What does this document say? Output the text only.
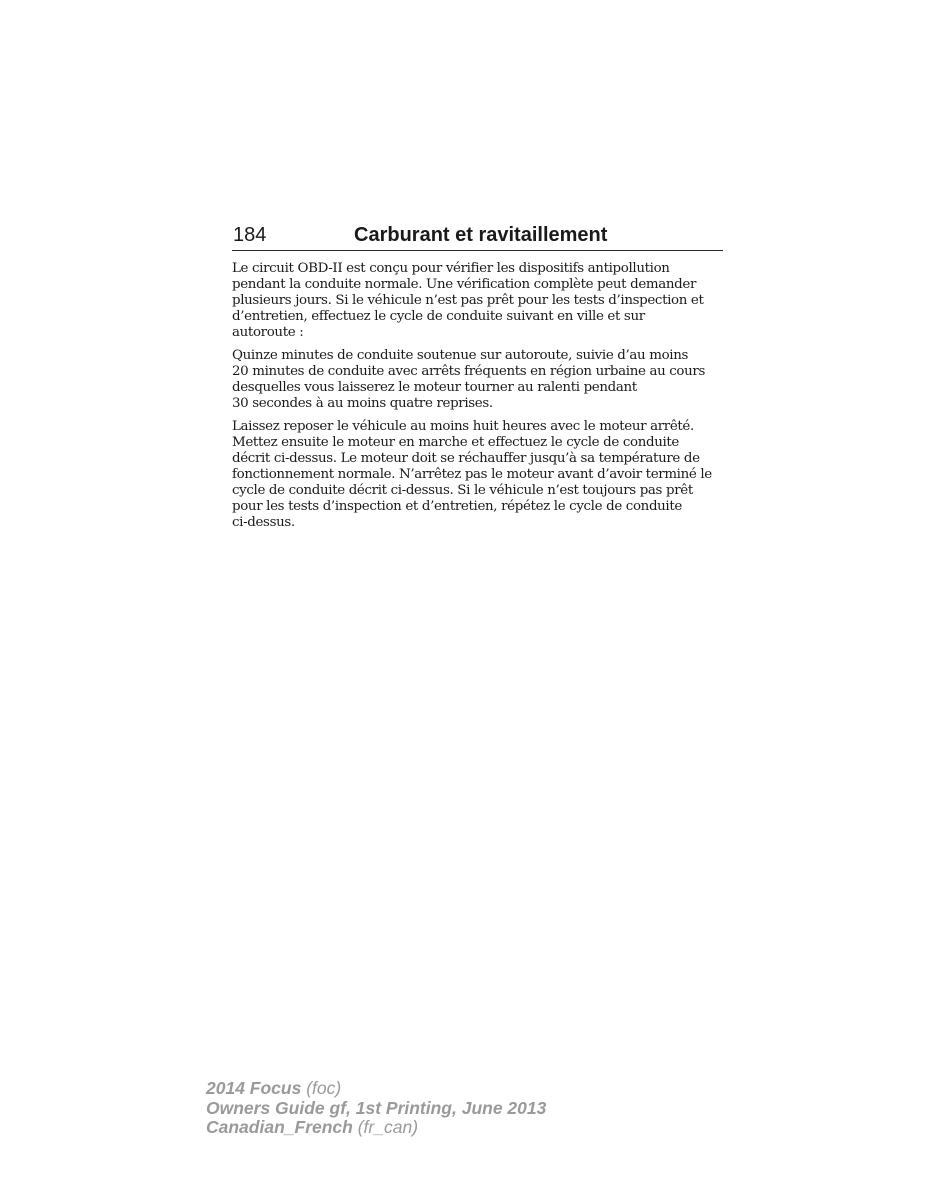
184	Carburant et ravitaillement

Le circuit OBD-II est conçu pour vérifier les dispositifs antipollution
pendant la conduite normale. Une vérification complète peut demander
plusieurs jours. Si le véhicule n’est pas prêt pour les tests d’inspection et
d’entretien, effectuez le cycle de conduite suivant en ville et sur
autoroute :

Quinze minutes de conduite soutenue sur autoroute, suivie d’au moins
20 minutes de conduite avec arrêts fréquents en région urbaine au cours
desquelles vous laisserez le moteur tourner au ralenti pendant
30 secondes à au moins quatre reprises.

Laissez reposer le véhicule au moins huit heures avec le moteur arrêté.
Mettez ensuite le moteur en marche et effectuez le cycle de conduite
décrit ci-dessus. Le moteur doit se réchauffer jusqu’à sa température de
fonctionnement normale. N’arrêtez pas le moteur avant d’avoir terminé le
cycle de conduite décrit ci-dessus. Si le véhicule n’est toujours pas prêt
pour les tests d’inspection et d’entretien, répétez le cycle de conduite
ci-dessus.

2014 Focus (foc)
Owners Guide gf, 1st Printing, June 2013
Canadian_French (fr_can)
